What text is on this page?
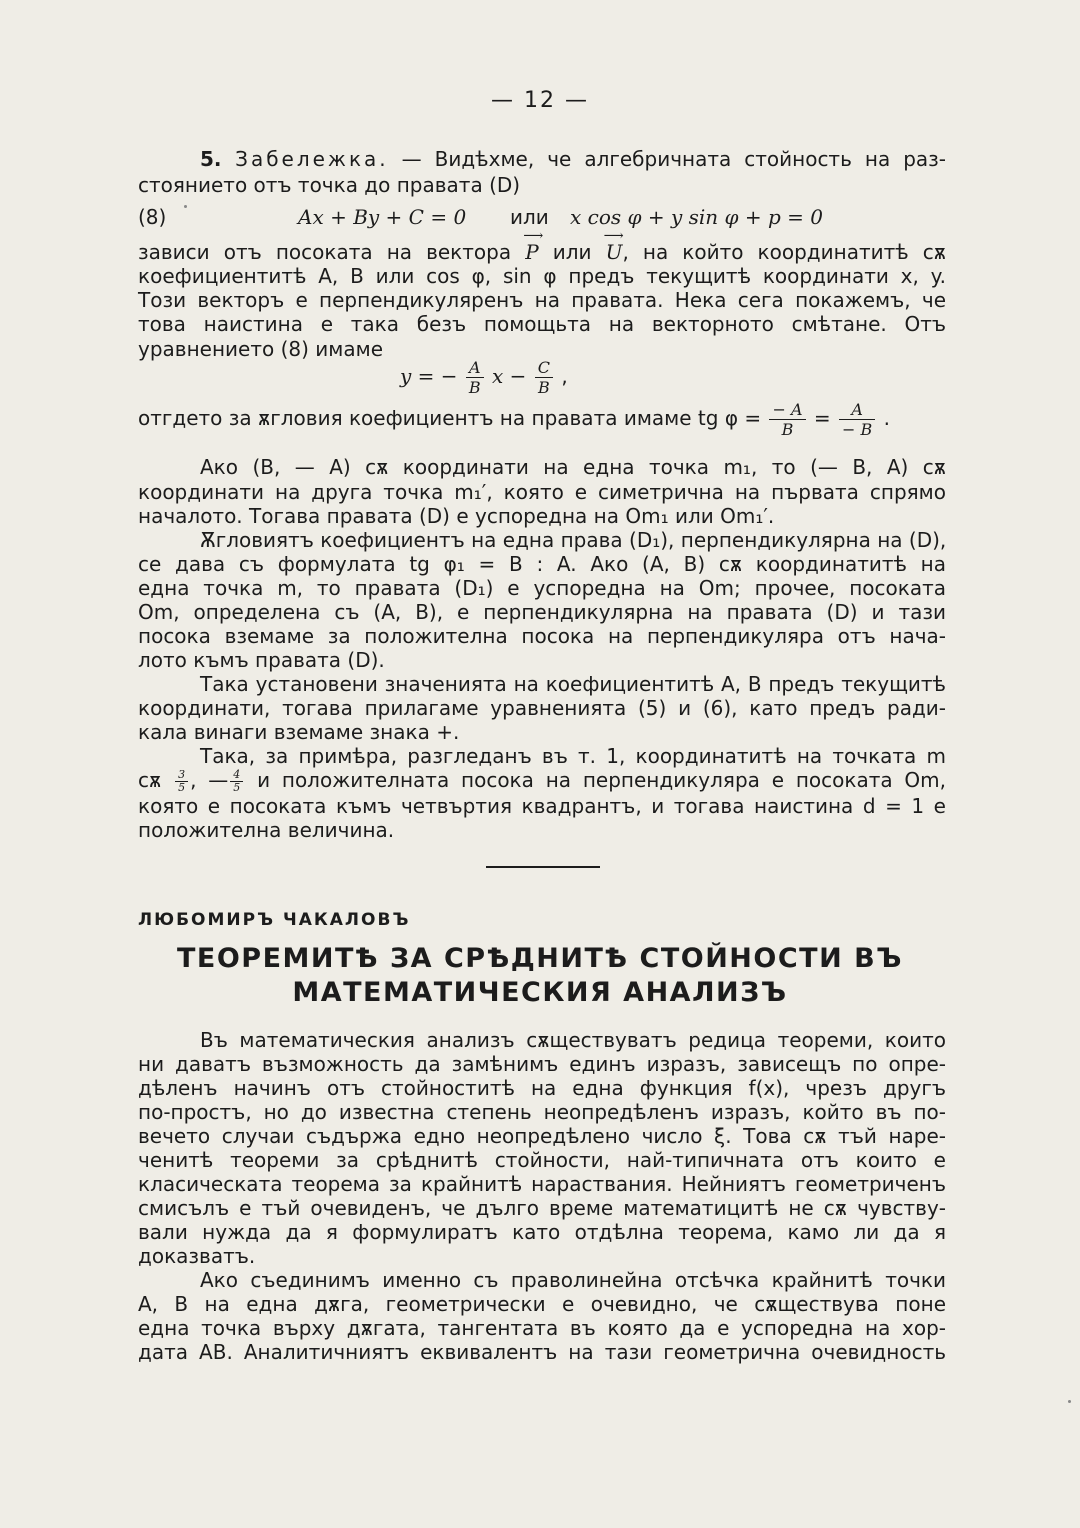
— 12 —
5. Забележка. — Видѣхме, че алгебричната стойность на раз-
стоянието отъ точка до правата (D)
(8)	Ax + By + C = 0 или x cos φ + y sin φ + p = 0
зависи отъ посоката на вектора ⟶ P или ⟶ U, на който координатитѣ сѫ
коефициентитѣ A, B или cos φ, sin φ предъ текущитѣ координати x, y.
Този векторъ е перпендикуляренъ на правата. Нека сега покажемъ, че
това наистина е така безъ помощьта на векторното смѣтане. Отъ
уравнението (8) имаме
y = − $\frac{A}{B}$ $x - \frac{C}{B}$ ,
отгдето за ѫгловия коефициентъ на правата имаме tg $\varphi = \frac{- A}{B} = \frac{A}{- B}$ .
Ако (B, — A) сѫ координати на една точка m₁, то (— B, A) сѫ
координати на друга точка m₁′, която е симетрична на първата спрямо
началото. Тогава правата (D) е успоредна на Om₁ или Om₁′.
Ѫгловиятъ коефициентъ на една права (D₁), перпендикулярна на (D),
се дава съ формулата tg φ₁ = B : A. Ако (A, B) сѫ координатитѣ на
една точка m, то правата (D₁) е успоредна на Om; прочее, посоката
Om, определена съ (A, B), е перпендикулярна на правата (D) и тази
посока вземаме за положителна посока на перпендикуляра отъ нача-
лото къмъ правата (D).
Така установени значенията на коефициентитѣ A, B предъ текущитѣ
координати, тогава прилагаме уравненията (5) и (6), като предъ ради-
кала винаги вземаме знака +.
Така, за примѣра, разгледанъ въ т. 1, координатитѣ на точката m
сѫ $\frac{3}{5}$ , — $\frac{4}{5}$ и положителната посока на перпендикуляра е посоката Om,
която е посоката къмъ четвъртия квадрантъ, и тогава наистина d = 1 е
положителна величина.
ЛЮБОМИРЪ ЧАКАЛОВЪ
ТЕОРЕМИТѢ ЗА СРѢДНИТѢ СТОЙНОСТИ ВЪ
МАТЕМАТИЧЕСКИЯ АНАЛИЗЪ
Въ математическия анализъ сѫществуватъ редица теореми, които
ни даватъ възможность да замѣнимъ единъ изразъ, зависещъ по опре-
дѣленъ начинъ отъ стойноститѣ на една функция f(x), чрезъ другъ
по-простъ, но до известна степень неопредѣленъ изразъ, който въ по-
вечето случаи съдържа едно неопредѣлено число ξ. Това сѫ тъй наре-
ченитѣ теореми за срѣднитѣ стойности, най-типичната отъ които е
класическата теорема за крайнитѣ нараствания. Нейниятъ геометриченъ
смисълъ е тъй очевиденъ, че дълго време математицитѣ не сѫ чувству-
вали нужда да я формулиратъ като отдѣлна теорема, камо ли да я
доказватъ.
Ако съединимъ именно съ праволинейна отсѣчка крайнитѣ точки
A, B на една дѫга, геометрически е очевидно, че сѫществува поне
една точка върху дѫгата, тангентата въ която да е успоредна на хор-
дата AB. Аналитичниятъ еквивалентъ на тази геометрична очевидность
